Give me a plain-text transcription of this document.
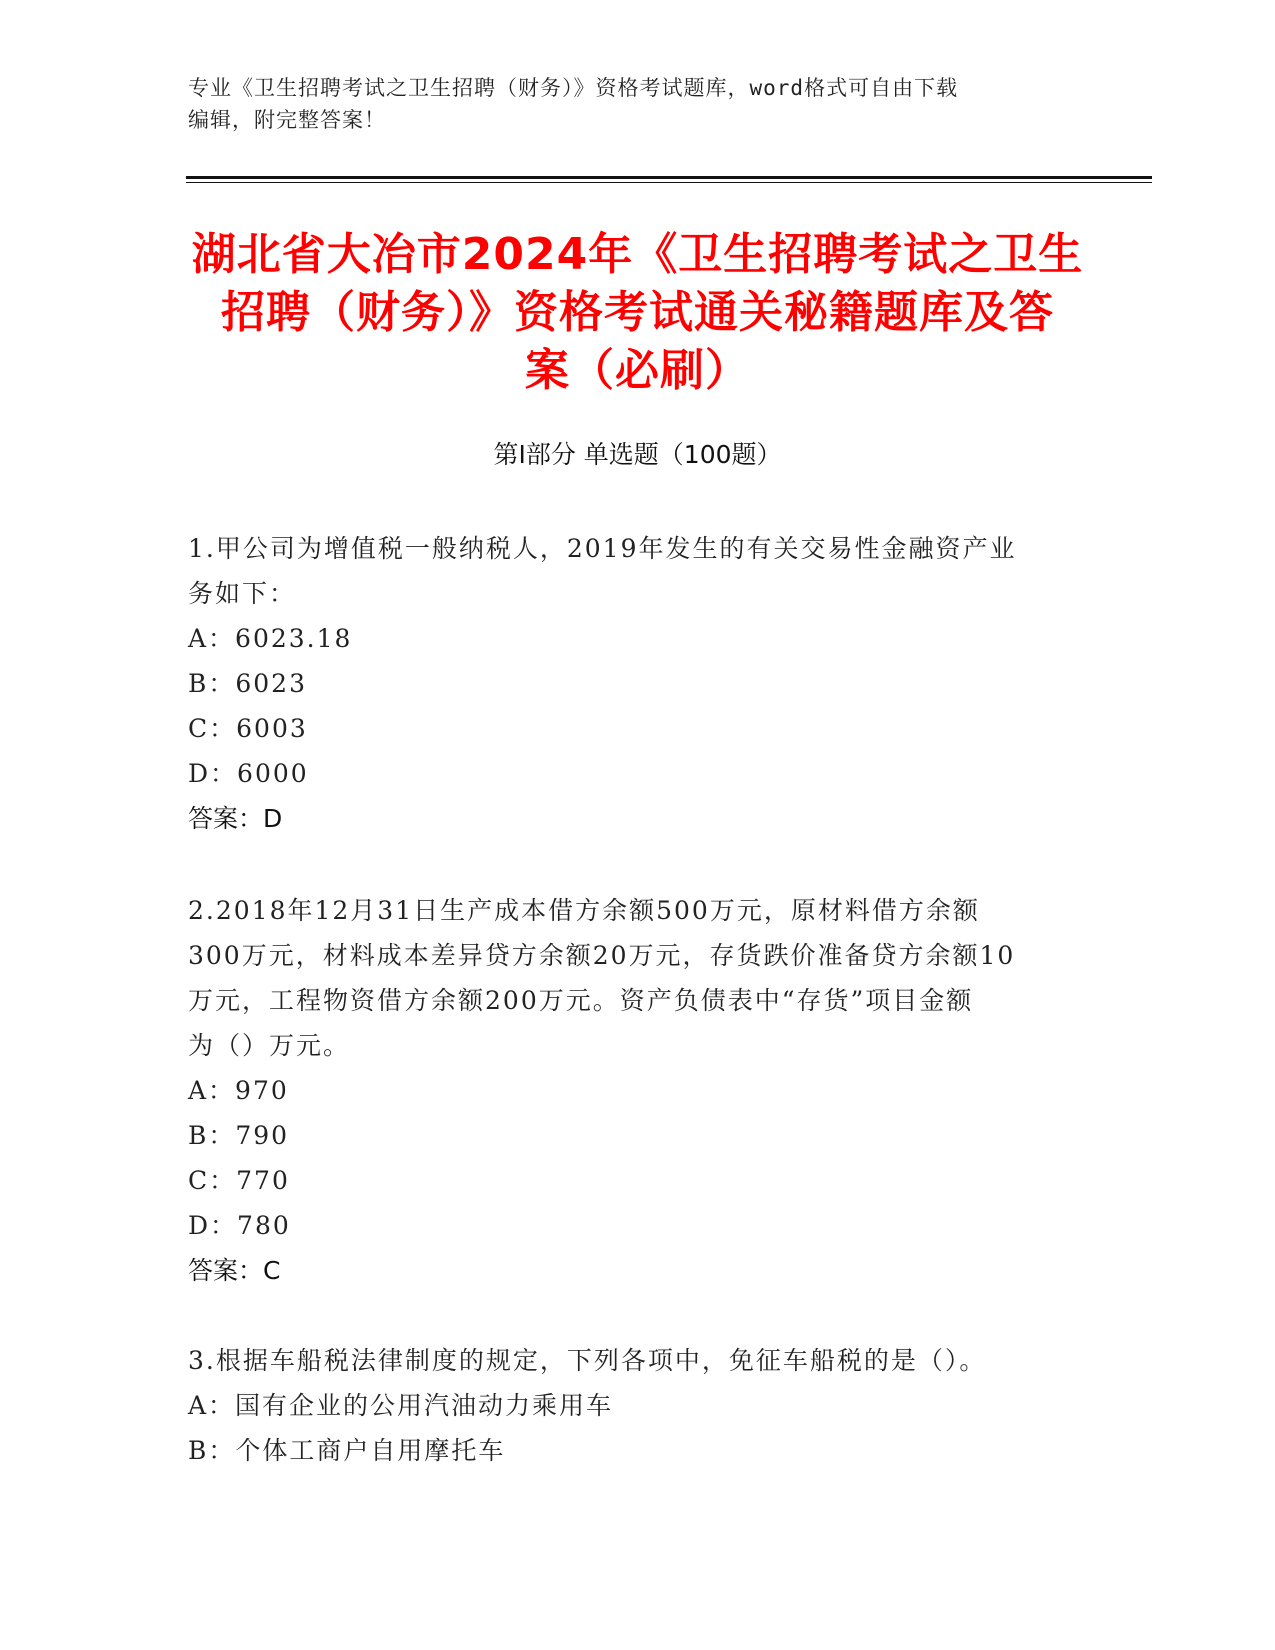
专业《卫生招聘考试之卫生招聘（财务）》资格考试题库，word格式可自由下载
编辑，附完整答案！
湖北省大冶市2024年《卫生招聘考试之卫生
招聘（财务）》资格考试通关秘籍题库及答
案（必刷）
第Ⅰ部分 单选题（100题）
1.甲公司为增值税一般纳税人，2019年发生的有关交易性金融资产业
务如下：
A：6023.18
B：6023
C：6003
D：6000
答案：D
2.2018年12月31日生产成本借方余额500万元，原材料借方余额
300万元，材料成本差异贷方余额20万元，存货跌价准备贷方余额10
万元，工程物资借方余额200万元。资产负债表中“存货”项目金额
为（）万元。
A：970
B：790
C：770
D：780
答案：C
3.根据车船税法律制度的规定，下列各项中，免征车船税的是（）。
A：国有企业的公用汽油动力乘用车
B：个体工商户自用摩托车
